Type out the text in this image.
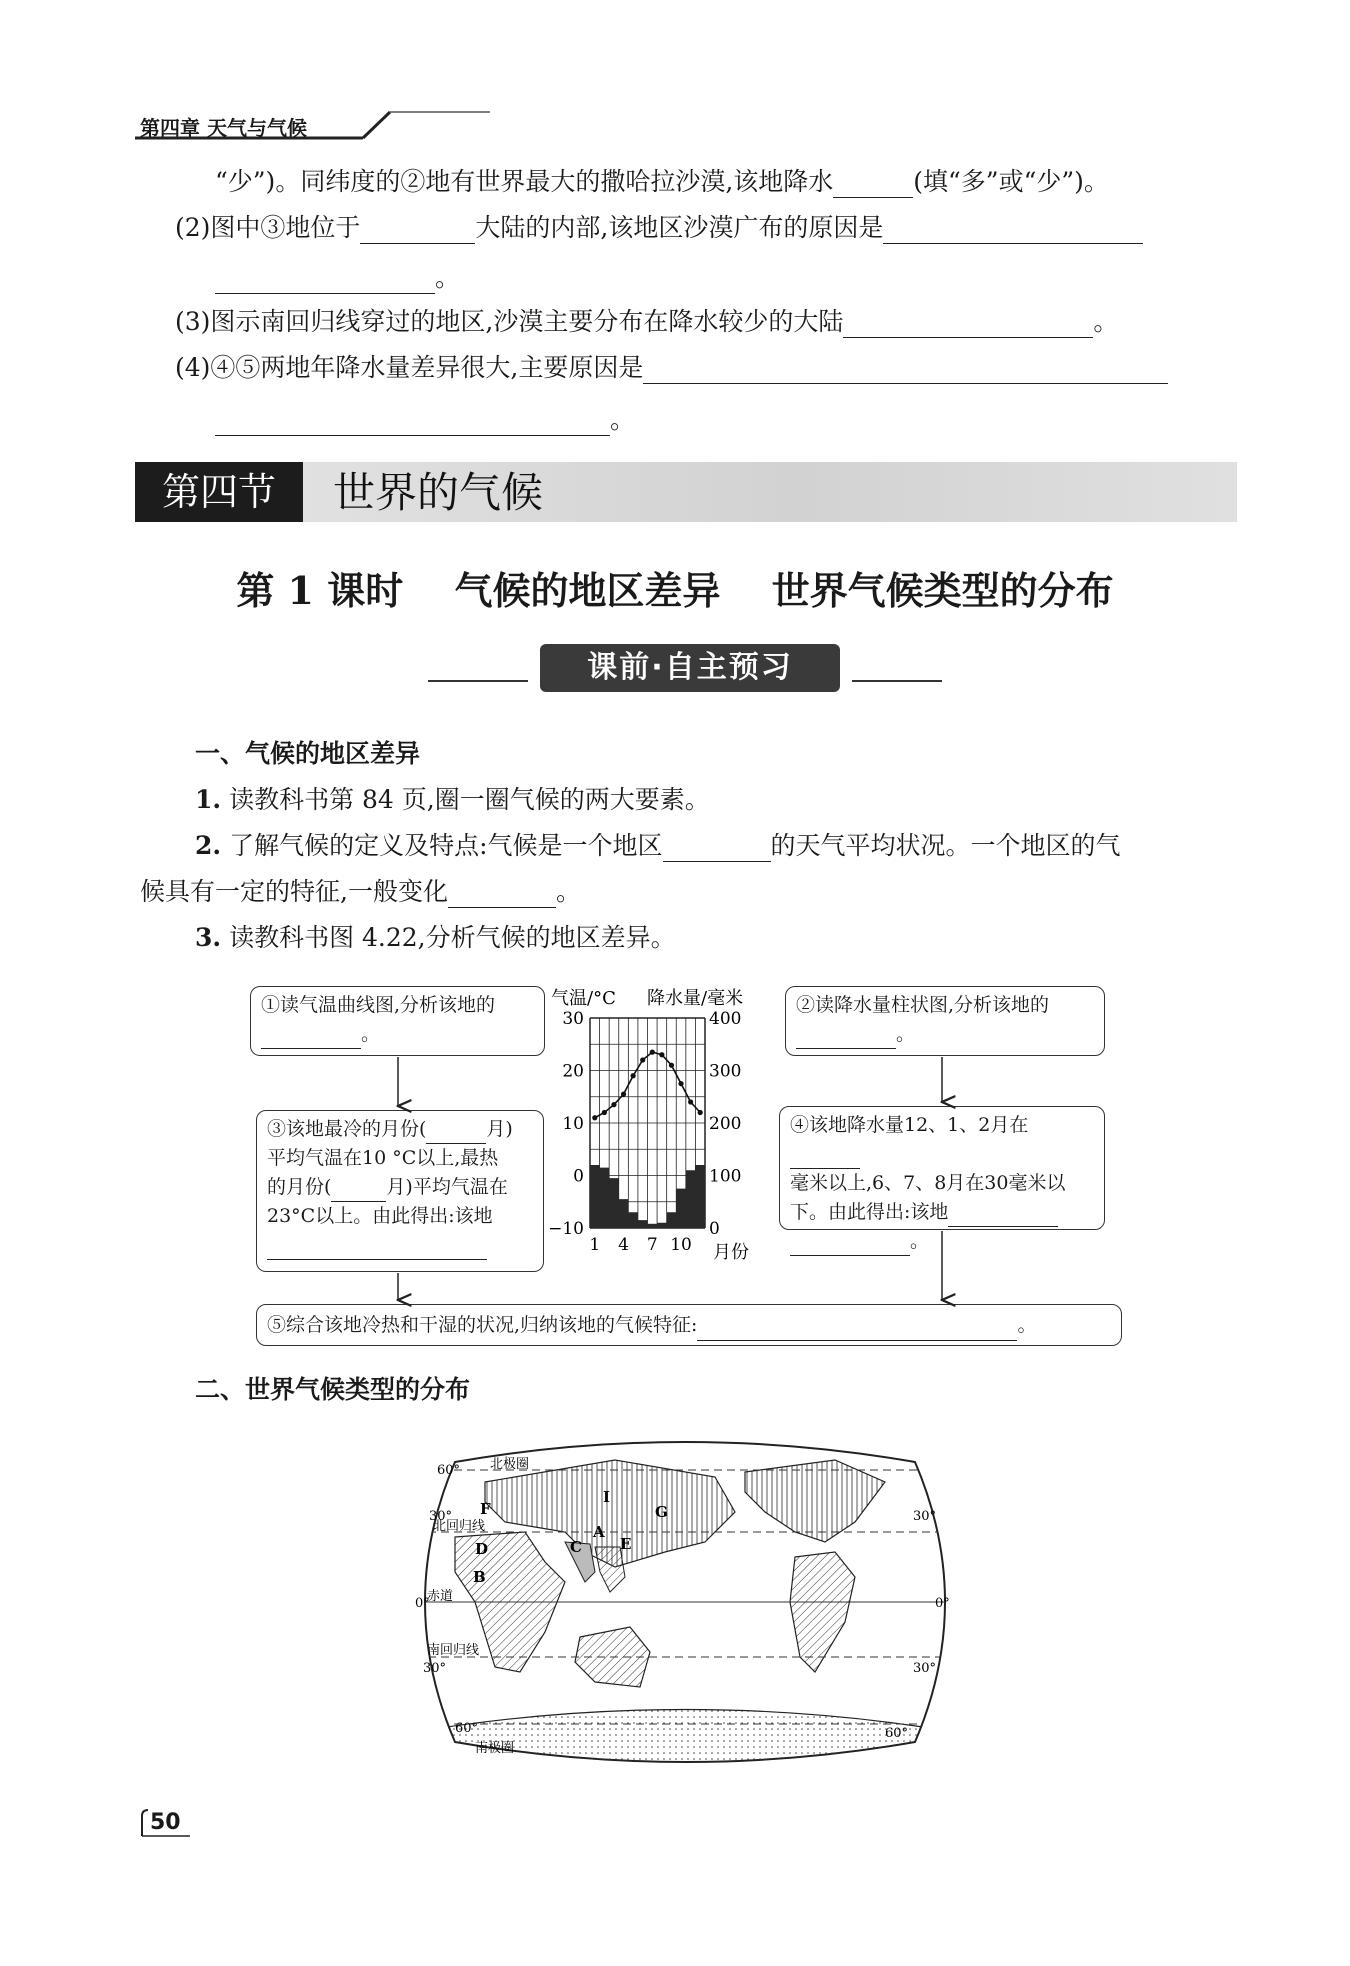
第四章 天气与气候
“少”)。同纬度的②地有世界最大的撒哈拉沙漠,该地降水	(填“多”或“少”)。
(2)图中③地位于	大陆的内部,该地区沙漠广布的原因是
。
(3)图示南回归线穿过的地区,沙漠主要分布在降水较少的大陆	。
(4)④⑤两地年降水量差异很大,主要原因是
。
第四节	世界的气候
第 1 课时　 气候的地区差异　 世界气候类型的分布
课前·自主预习
一、气候的地区差异
1. 读教科书第 84 页,圈一圈气候的两大要素。
2. 了解气候的定义及特点:气候是一个地区	的天气平均状况。一个地区的气
候具有一定的特征,一般变化	。
3. 读教科书图 4.22,分析气候的地区差异。
①读气温曲线图,分析该地的
。
②读降水量柱状图,分析该地的
。
③该地最冷的月份(	月)
平均气温在10 °C以上,最热
的月份(	月)平均气温在
23°C以上。由此得出:该地
④该地降水量12、1、2月在
毫米以上,6、7、8月在30毫米以
下。由此得出:该地
。
⑤综合该地冷热和干湿的状况,归纳该地的气候特征:	。
气温/°C 降水量/毫米
月份
30
20
10
0
−10
400
300
200
100
0
1 4 7 10
二、世界气候类型的分布
北极圈
北回归线
赤道
南回归线
南极圈
60°
30°
0°
30°
60°
30°
0°
30°
60°
I
G
F
D
B
C	E
A
50
